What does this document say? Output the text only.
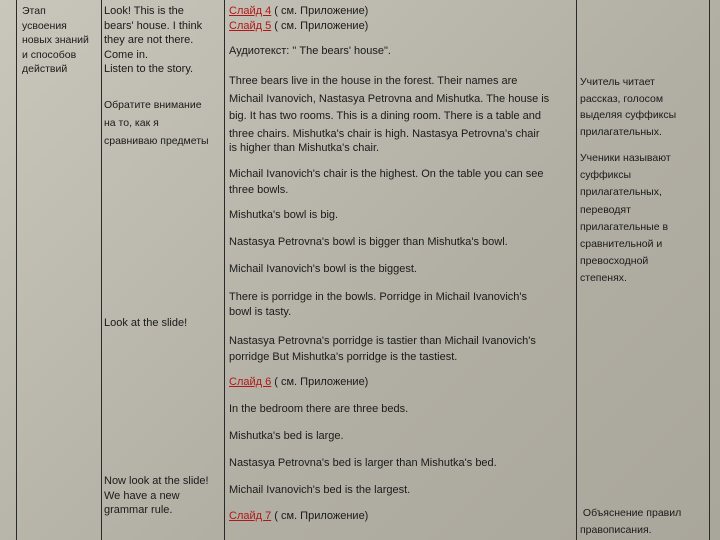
Этап

усвоения

новых знаний

и способов

действий

Look! This is the

bears' house. I think

they are not there.

Come in.

Listen to the story.

Обратите внимание

на то, как я

сравниваю предметы

Look at the slide!

Now look at the slide!

We have a new

grammar rule.

Слайд 4 ( см. Приложение)
Слайд 5 ( см. Приложение)

Аудиотекст: " The bears' house".

Three bears live in the house in the forest. Their names are

Michail Ivanovich, Nastasya Petrovna and Mishutka. The house is

big. It has two rooms. This is a dining room. There is a table and

three chairs. Mishutka's chair is high. Nastasya Petrovna's chair

is higher than Mishutka's chair.

Michail Ivanovich's chair is the highest. On the table you can see

three bowls.

Mishutka's bowl is big.

Nastasya Petrovna's bowl is bigger than Mishutka's bowl.

Michail Ivanovich's bowl is the biggest.

There is porridge in the bowls. Porridge in Michail Ivanovich's

bowl is tasty.

Nastasya Petrovna's porridge is tastier than Michail Ivanovich's

porridge But Mishutka's porridge is the tastiest.

Слайд 6 ( см. Приложение)

In the bedroom there are three beds.

Mishutka's bed is large.

Nastasya Petrovna's bed is larger than Mishutka's bed.

Michail Ivanovich's bed is the largest.

Слайд 7 ( см. Приложение)

Учитель читает

рассказ, голосом

выделяя суффиксы

прилагательных.

Ученики называют

суффиксы

прилагательных,

переводят

прилагательные в

сравнительной и

превосходной

степенях.

Объяснение правил

правописания.
